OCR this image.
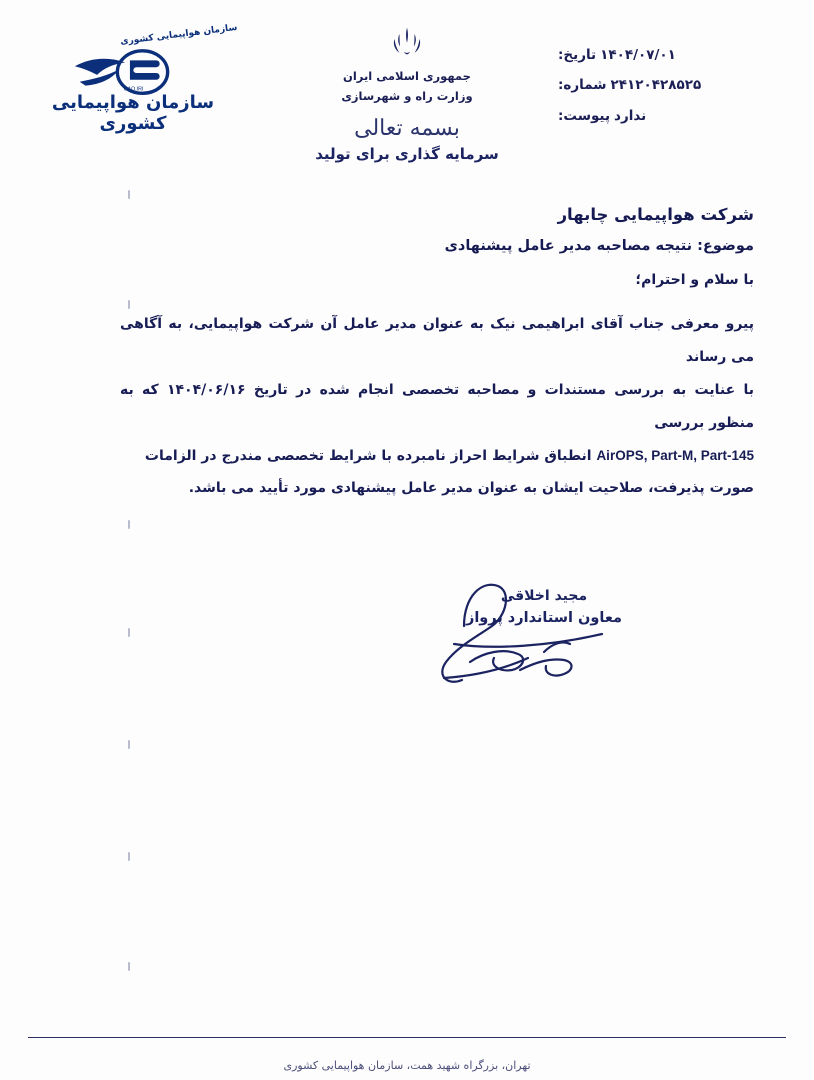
۱۴۰۴/۰۷/۰۱تاریخ:
۲۴۱۲۰۴۲۸۵۲۵شماره:
نداردپیوست:
جمهوری اسلامی ایران
وزارت راه و شهرسازی
بسمه تعالی
سازمان هواپیمایی کشوری
CAO.IRI
سازمان هواپیمایی کشوری
سرمایه گذاری برای تولید
شرکت هواپیمایی چابهار
موضوع: نتیجه مصاحبه مدیر عامل پیشنهادی
با سلام و احترام؛
پیرو معرفی جناب آقای ابراهیمی نیک به عنوان مدیر عامل آن شرکت هواپیمایی، به آگاهی می رساند
با عنایت به بررسی مستندات و مصاحبه تخصصی انجام شده در تاریخ ۱۴۰۴/۰۶/۱۶ که به منظور بررسی
AirOPS, Part-M, Part-145 انطباق شرایط احراز نامبرده با شرایط تخصصی مندرج در الزامات
صورت پذیرفت، صلاحیت ایشان به عنوان مدیر عامل پیشنهادی مورد تأیید می باشد.
مجید اخلاقی
معاون استاندارد پرواز
تهران، بزرگراه شهید همت، سازمان هواپیمایی کشوری
